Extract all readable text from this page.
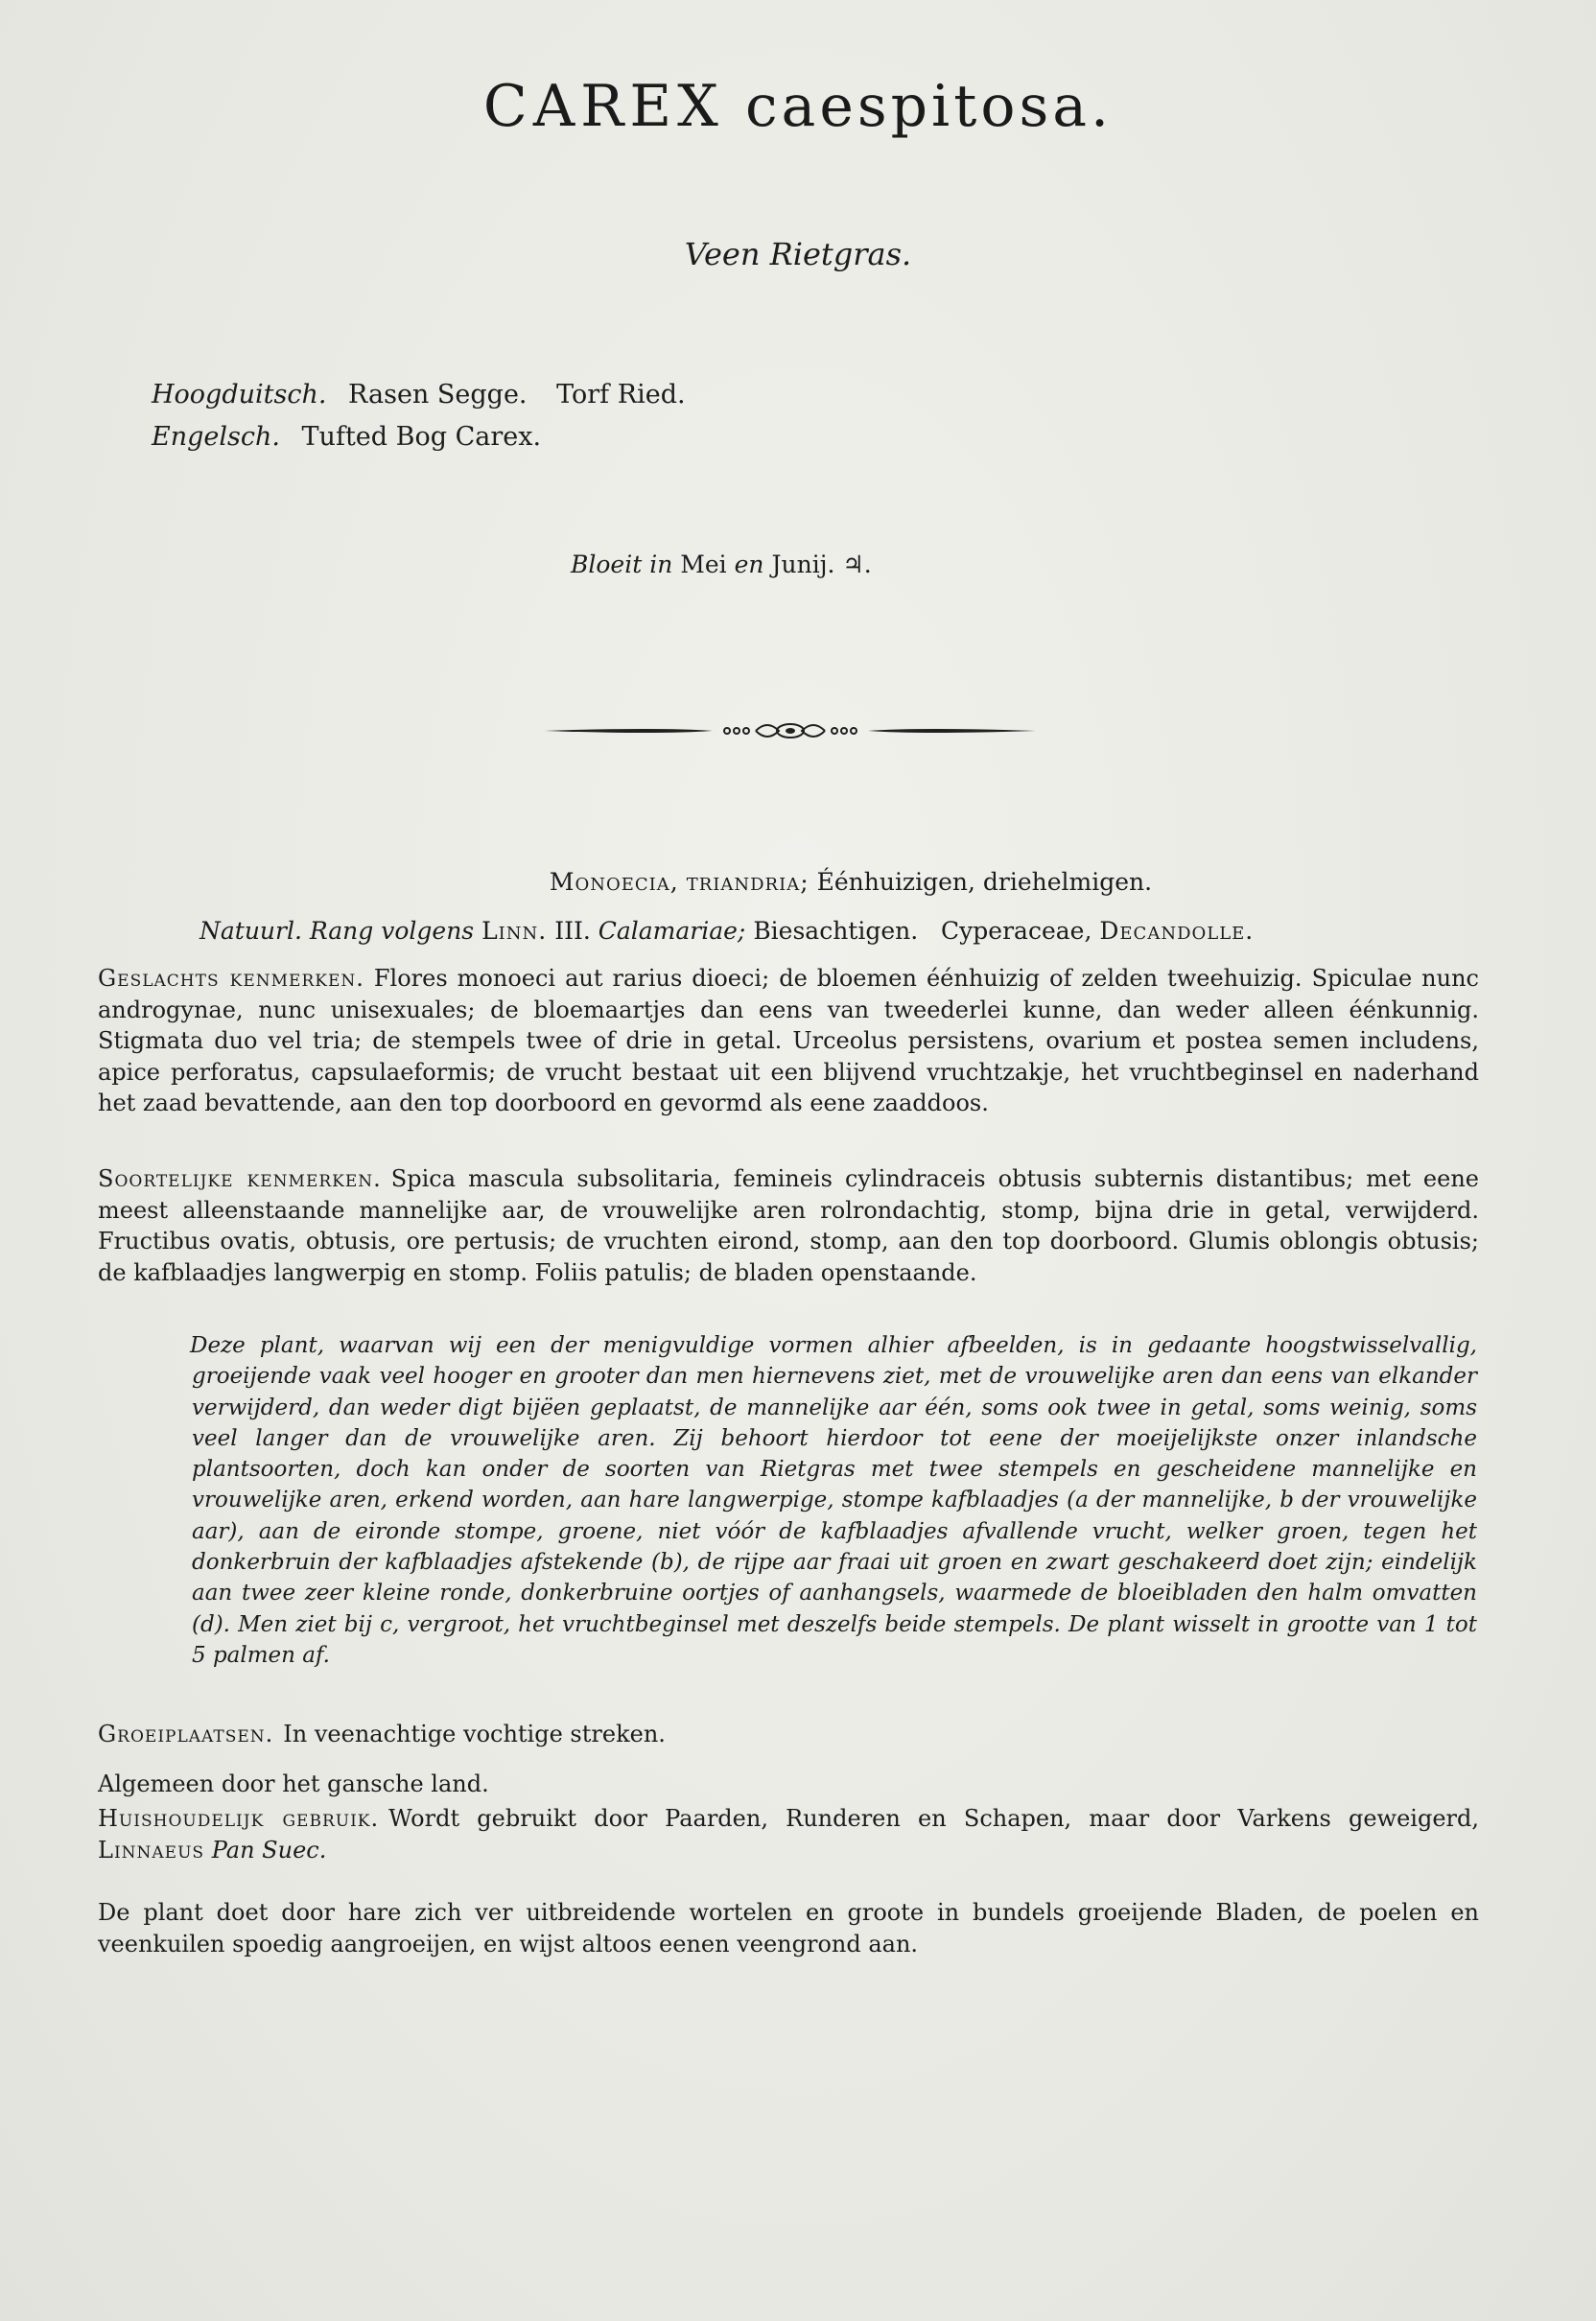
CAREX caespitosa.
Veen Rietgras.
Hoogduitsch. Rasen Segge. Torf Ried.
Engelsch. Tufted Bog Carex.
Bloeit in Mei en Junij. ♃.
Monoecia, triandria; Éénhuizigen, driehelmigen.
Natuurl. Rang volgens Linn. III. Calamariae; Biesachtigen. Cyperaceae, Decandolle.
Geslachts kenmerken. Flores monoeci aut rarius dioeci; de bloemen éénhuizig of zelden tweehuizig. Spiculae nunc androgynae, nunc unisexuales; de bloemaartjes dan eens van tweederlei kunne, dan weder alleen éénkunnig. Stigmata duo vel tria; de stempels twee of drie in getal. Urceolus persistens, ovarium et postea semen includens, apice perforatus, capsulaeformis; de vrucht bestaat uit een blijvend vruchtzakje, het vruchtbeginsel en naderhand het zaad bevattende, aan den top doorboord en gevormd als eene zaaddoos.
Soortelijke kenmerken. Spica mascula subsolitaria, femineis cylindraceis obtusis subternis distantibus; met eene meest alleenstaande mannelijke aar, de vrouwelijke aren rolrondachtig, stomp, bijna drie in getal, verwijderd. Fructibus ovatis, obtusis, ore pertusis; de vruchten eirond, stomp, aan den top doorboord. Glumis oblongis obtusis; de kafblaadjes langwerpig en stomp. Foliis patulis; de bladen openstaande.
Deze plant, waarvan wij een der menigvuldige vormen alhier afbeelden, is in gedaante hoogstwisselvallig, groeijende vaak veel hooger en grooter dan men hiernevens ziet, met de vrouwelijke aren dan eens van elkander verwijderd, dan weder digt bijëen geplaatst, de mannelijke aar één, soms ook twee in getal, soms weinig, soms veel langer dan de vrouwelijke aren. Zij behoort hierdoor tot eene der moeijelijkste onzer inlandsche plantsoorten, doch kan onder de soorten van Rietgras met twee stempels en gescheidene mannelijke en vrouwelijke aren, erkend worden, aan hare langwerpige, stompe kafblaadjes (a der mannelijke, b der vrouwelijke aar), aan de eironde stompe, groene, niet vóór de kafblaadjes afvallende vrucht, welker groen, tegen het donkerbruin der kafblaadjes afstekende (b), de rijpe aar fraai uit groen en zwart geschakeerd doet zijn; eindelijk aan twee zeer kleine ronde, donkerbruine oortjes of aanhangsels, waarmede de bloeibladen den halm omvatten (d). Men ziet bij c, vergroot, het vruchtbeginsel met deszelfs beide stempels. De plant wisselt in grootte van 1 tot 5 palmen af.
Groeiplaatsen. In veenachtige vochtige streken.
Algemeen door het gansche land.
Huishoudelijk gebruik. Wordt gebruikt door Paarden, Runderen en Schapen, maar door Varkens geweigerd, Linnaeus Pan Suec.
De plant doet door hare zich ver uitbreidende wortelen en groote in bundels groeijende Bladen, de poelen en veenkuilen spoedig aangroeijen, en wijst altoos eenen veengrond aan.
